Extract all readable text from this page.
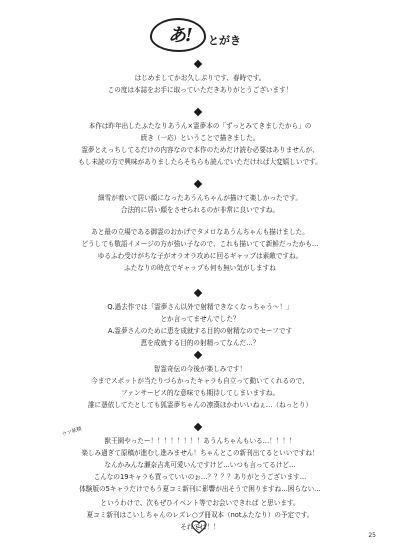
あ!	とがき
はじめましてかお久しぶりです、春時です。
この度は本誌をお手に取っていただきありがとうございます！
本作は昨年出したふたなりあうん×霊夢本の「ずっとみてきましたから」の
続き（一応）ということで描きました。
霊夢とえっちしてるだけの内容なので本作のためだけ読む必要はありませんが、
もし未読の方で興味がありましたらそちらも読んでいただければ大変嬉しいです。
細雪が着いて居い顔になったあうんちゃんが描けて楽しかったです。
合法的に居い顔をさせられるのが非常に良いですね。
あと最の立場である御霊のおかげでタメロなあうんちゃんも描けました。
どうしても敬語イメージの方が強い子なので、これも描いてて新鮮だったかも…
ゆるふわ受けがちな子がオラオラ攻めに回るギャップは素敵ですね。
ふたなりの時点でギャップも何も無い気がしますね
Q.過去作では「霊夢さん以外で射精できなくなっちゃう〜！」
とか言ってませんでした？
A.霊夢さんのために恵を成就する目的の射精なのでセーフです
恵を成就する目的の射精ってなんだ…？
智霊奇伝の今後が楽しみです！
今までスポットが当たりづらかったキャラも自立って動いてくれるので、
ファンサービス的な意味でも期待してしまいますね。
誰に憑依してたとしても狐霊夢ちゃんの凛漢ほかわいいねぇ…（ねっとり）
ウソ妖精
獣王園やったー！！！！！！！！あうんちゃんもいる…！！！！
楽しみ過ぎて原稿が進むし進みません！ちゃんとこの新刊出てるといいですね！
なんかみんな瀬奈吉兆可愛いんですけど…いつも言ってるけど…
こんなの19キャラも買っていいのぉ…？？？？ありがとうございます…
体験版の5キャラだけでもう夏コミ新刊に影響が出そうで困りますね…困らない…
というわけで、次もぜひイベント等でお会いできれば と思います。
夏コミ新刊はこいしちゃんのレズレ○プ冊双本（notふたなり）の予定です。
それでは！！
25
